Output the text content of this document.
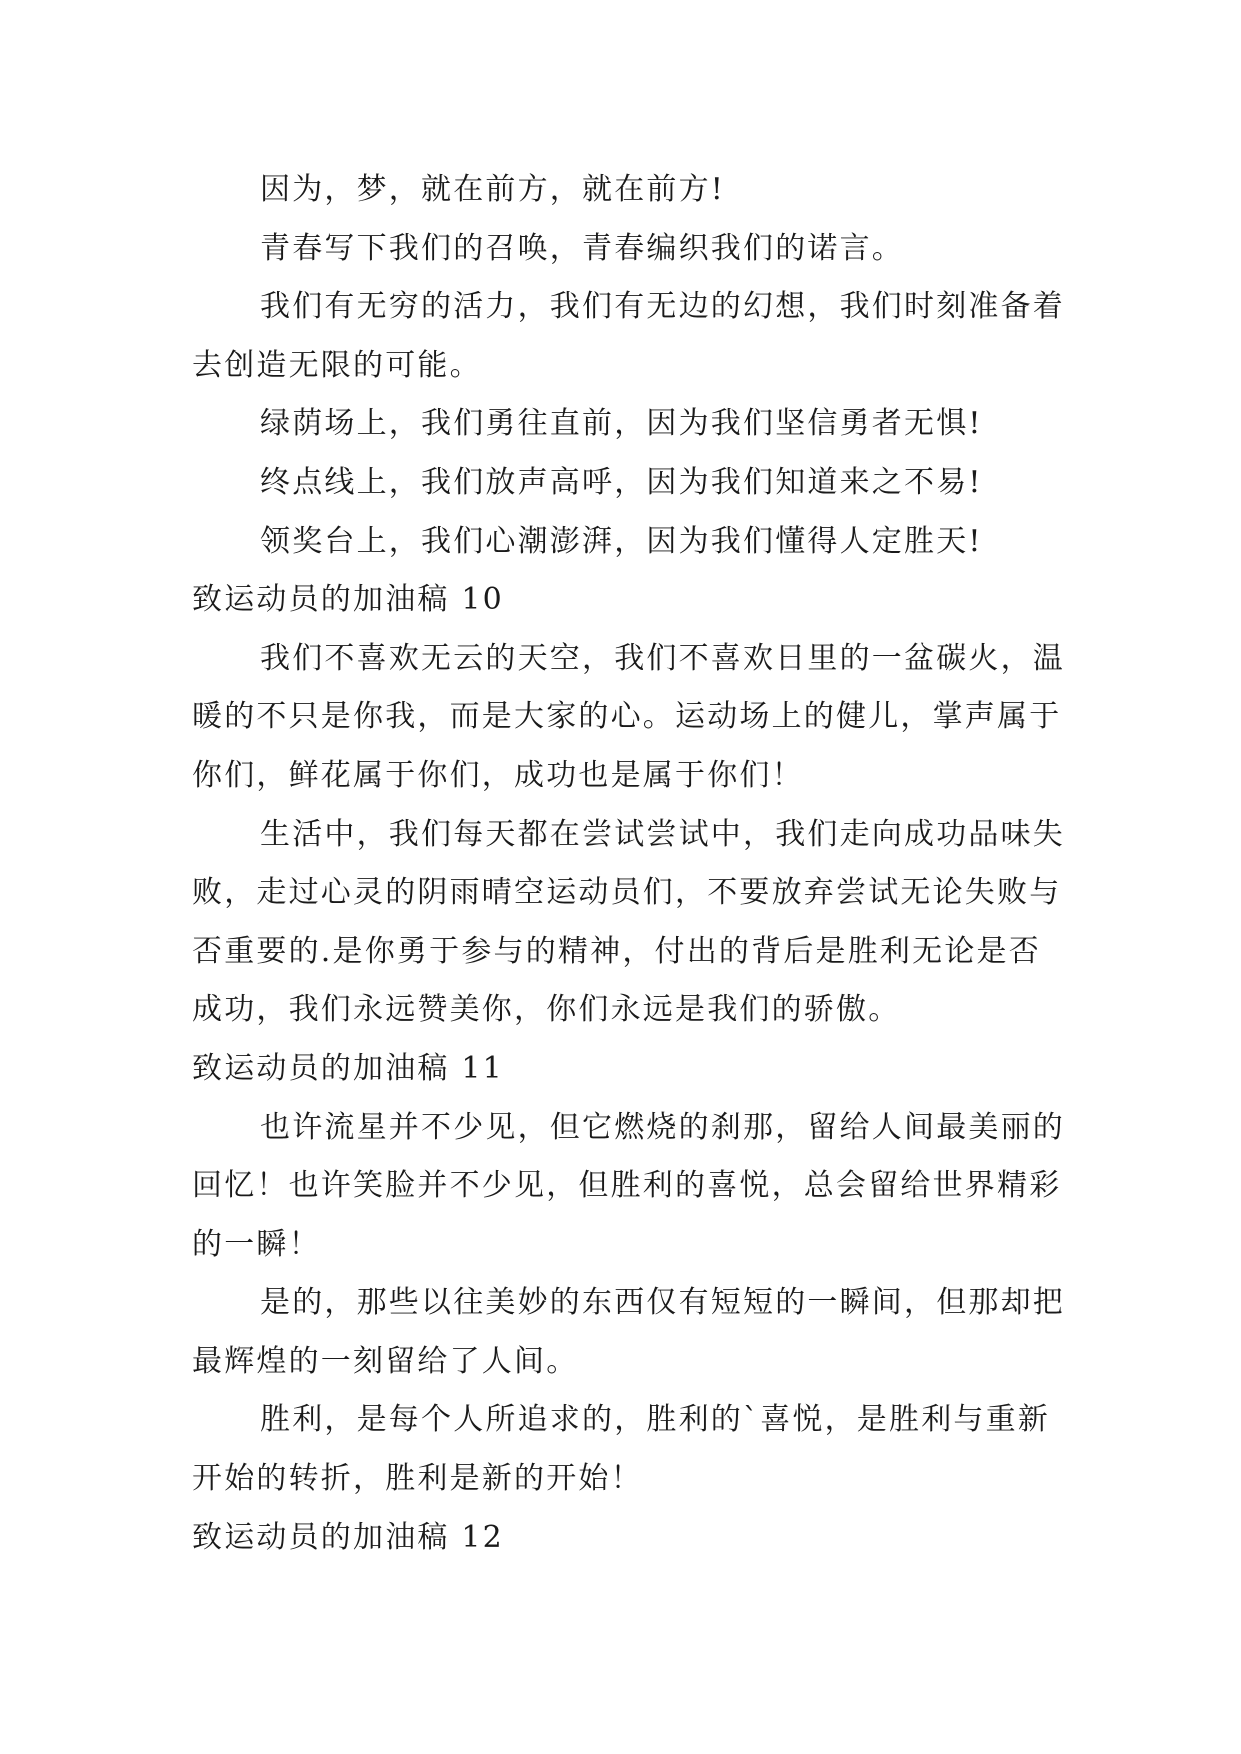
因为，梦，就在前方，就在前方!

青春写下我们的召唤，青春编织我们的诺言。

我们有无穷的活力，我们有无边的幻想，我们时刻准备着去创造无限的可能。

绿荫场上，我们勇往直前，因为我们坚信勇者无惧!

终点线上，我们放声高呼，因为我们知道来之不易!

领奖台上，我们心潮澎湃，因为我们懂得人定胜天!

致运动员的加油稿 10

我们不喜欢无云的天空，我们不喜欢日里的一盆碳火，温暖的不只是你我，而是大家的心。运动场上的健儿，掌声属于你们，鲜花属于你们，成功也是属于你们！

生活中，我们每天都在尝试尝试中，我们走向成功品味失败，走过心灵的阴雨晴空运动员们，不要放弃尝试无论失败与否重要的.是你勇于参与的精神，付出的背后是胜利无论是否成功，我们永远赞美你，你们永远是我们的骄傲。

致运动员的加油稿 11

也许流星并不少见，但它燃烧的刹那，留给人间最美丽的回忆！也许笑脸并不少见，但胜利的喜悦，总会留给世界精彩的一瞬！

是的，那些以往美妙的东西仅有短短的一瞬间，但那却把最辉煌的一刻留给了人间。

胜利，是每个人所追求的，胜利的`喜悦，是胜利与重新开始的转折，胜利是新的开始！

致运动员的加油稿 12
